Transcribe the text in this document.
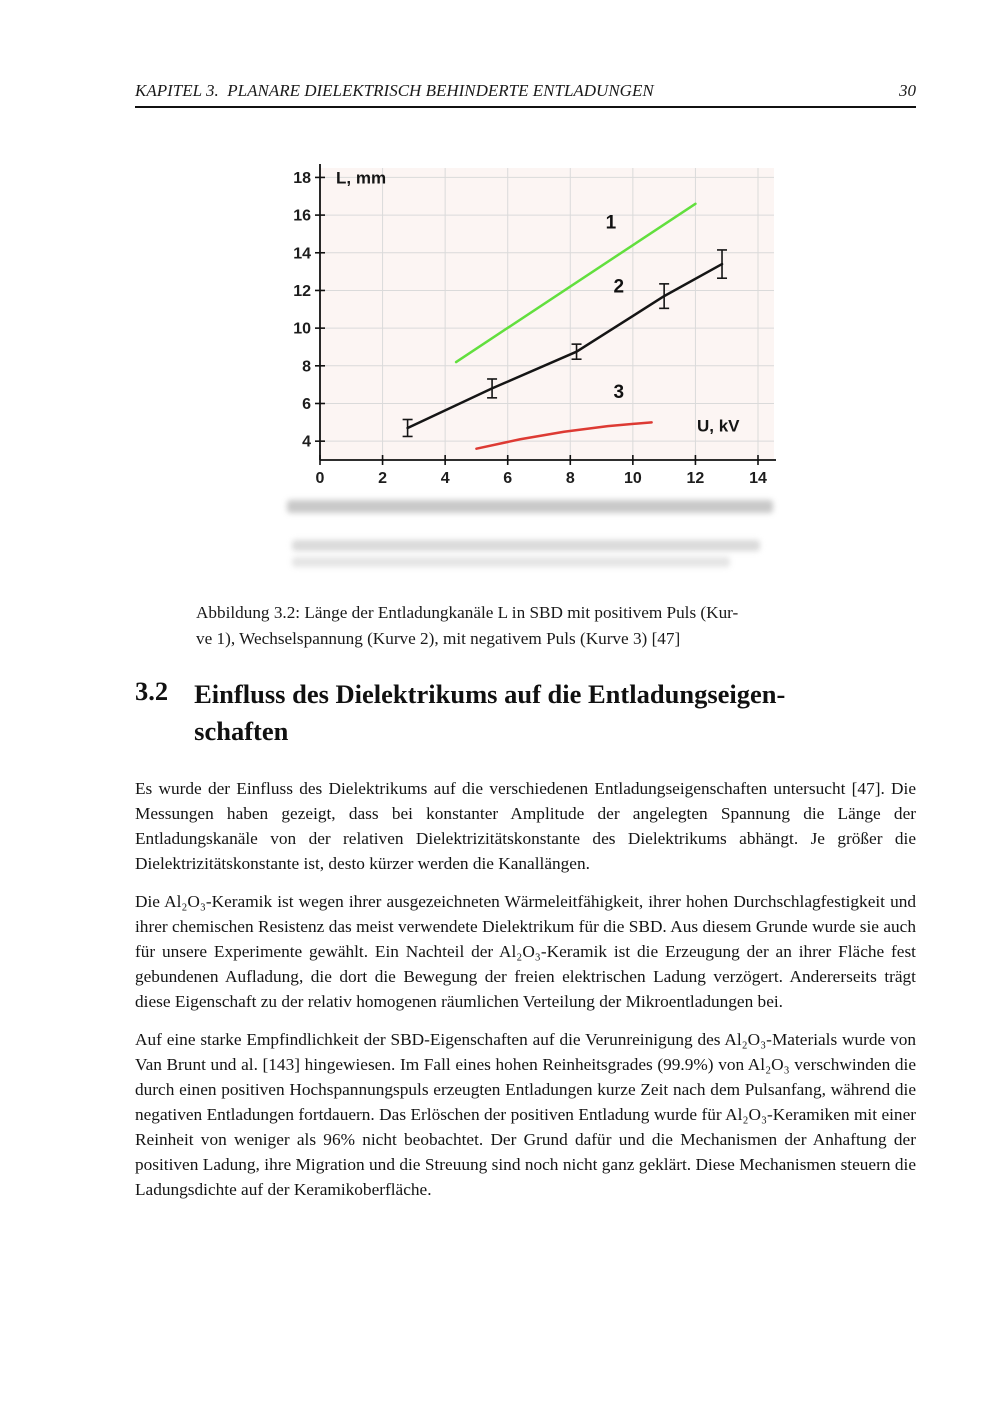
KAPITEL 3.  PLANARE DIELEKTRISCH BEHINDERTE ENTLADUNGEN	30
4
6
8
10
12
14
16
18
0	2	4	6	8	10	12	14
L, mm
U, kV
1
2
3
Abbildung 3.2: Länge der Entladungkanäle L in SBD mit positivem Puls (Kur-
ve 1), Wechselspannung (Kurve 2), mit negativem Puls (Kurve 3) [47]
3.2 Einfluss des Dielektrikums auf die Entladungseigen-
schaften

Es wurde der Einfluss des Dielektrikums auf die verschiedenen Entladungseigenschaften untersucht [47]. Die Messungen haben gezeigt, dass bei konstanter Amplitude der angelegten Spannung die Länge der Entladungskanäle von der relativen Dielektrizitätskonstante des Dielektrikums abhängt. Je größer die Dielektrizitätskonstante ist, desto kürzer werden die Kanallängen.

Die Al₂O₃-Keramik ist wegen ihrer ausgezeichneten Wärmeleitfähigkeit, ihrer hohen Durchschlagfestigkeit und ihrer chemischen Resistenz das meist verwendete Dielektrikum für die SBD. Aus diesem Grunde wurde sie auch für unsere Experimente gewählt. Ein Nachteil der Al₂O₃-Keramik ist die Erzeugung der an ihrer Fläche fest gebundenen Aufladung, die dort die Bewegung der freien elektrischen Ladung verzögert. Andererseits trägt diese Eigenschaft zu der relativ homogenen räumlichen Verteilung der Mikroentladungen bei.

Auf eine starke Empfindlichkeit der SBD-Eigenschaften auf die Verunreinigung des Al₂O₃-Materials wurde von Van Brunt und al. [143] hingewiesen. Im Fall eines hohen Reinheitsgrades (99.9%) von Al₂O₃ verschwinden die durch einen positiven Hochspannungspuls erzeugten Entladungen kurze Zeit nach dem Pulsanfang, während die negativen Entladungen fortdauern. Das Erlöschen der positiven Entladung wurde für Al₂O₃-Keramiken mit einer Reinheit von weniger als 96% nicht beobachtet. Der Grund dafür und die Mechanismen der Anhaftung der positiven Ladung, ihre Migration und die Streuung sind noch nicht ganz geklärt. Diese Mechanismen steuern die Ladungsdichte auf der Keramikoberfläche.
